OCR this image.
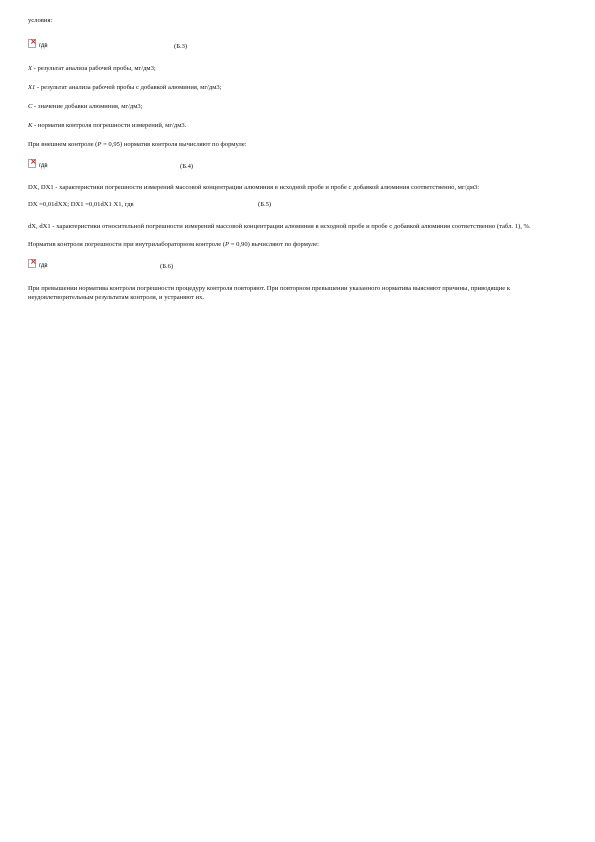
условия:
×
гдв	(Б.3)
X - результат анализа рабочей пробы, мг/дм3;
X1 - результат анализа рабочей пробы с добавкой алюминия, мг/дм3;
C - значение добавки алюминия, мг/дм3;
K - норматив контроля погрешности измерений, мг/дм3.
При внешнем контроле (P = 0,95) норматив контроля вычисляют по формуле:
×
гдв	(Б.4)
DX, DX1 - характеристики погрешности измерений массовой концентрации алюминия в исходной пробе и пробе с добавкой алюминия соответственно, мг/дм3:
DX =0,01dXX; DX1 =0,01dX1 X1, гдв	(Б.5)
dX, dX1 - характеристики относительной погрешности измерений массовой концентрации алюминия в исходной пробе и пробе с добавкой алюминия соответственно (табл. 1), %.
Норматив контроля погрешности при внутрилабораторном контроле (P = 0,90) вычисляют по формуле:
×
гдв	(Б.6)
При превышении норматива контроля погрешности процедуру контроля повторяют. При повторном превышении указанного норматива выясняют причины, приводящие к неудовлетворительным результатам контроля, и устраняют их.
